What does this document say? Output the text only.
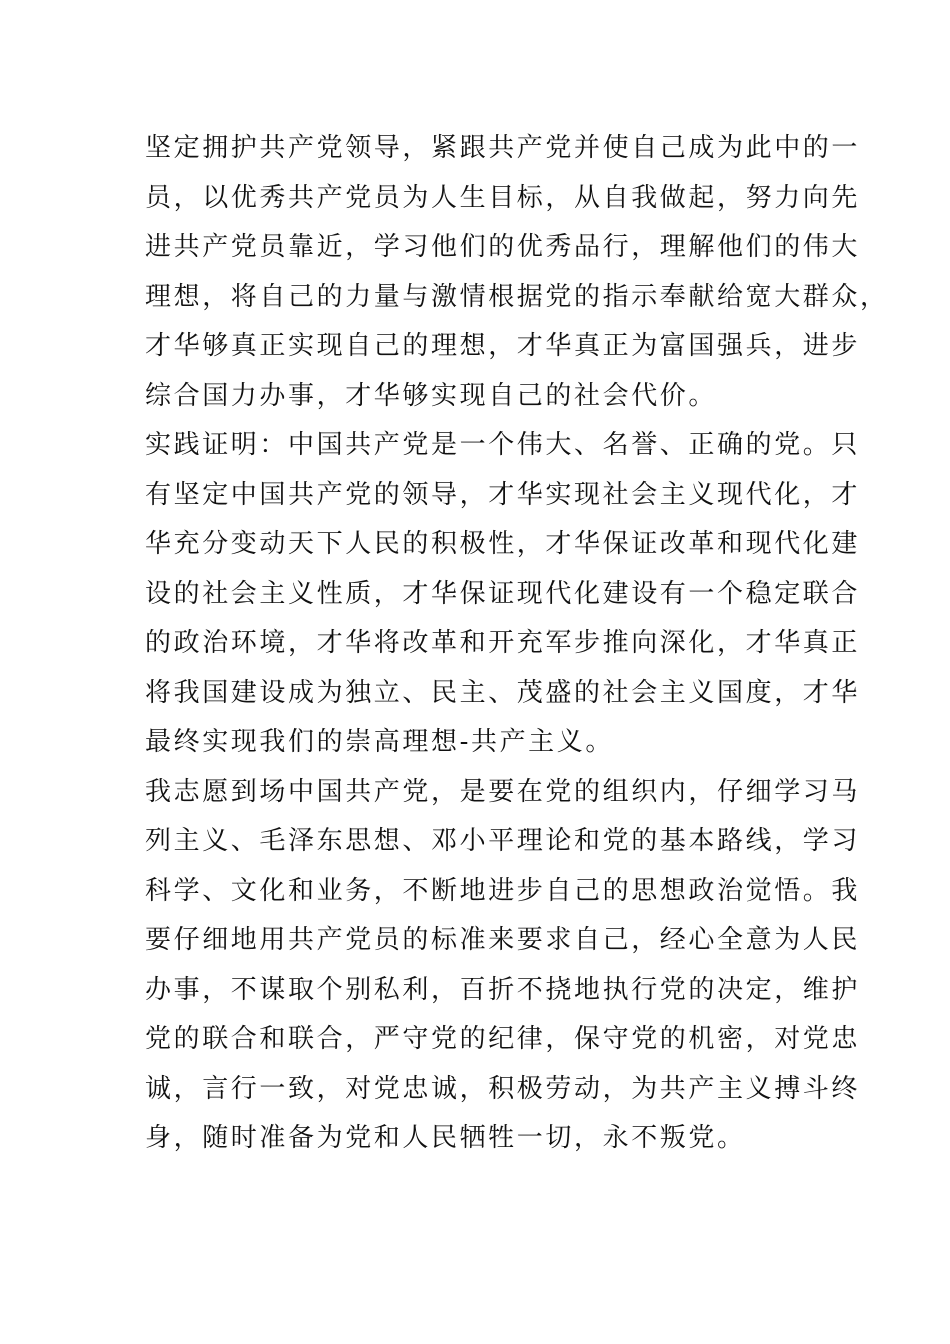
坚定拥护共产党领导，紧跟共产党并使自己成为此中的一
员，以优秀共产党员为人生目标，从自我做起，努力向先
进共产党员靠近，学习他们的优秀品行，理解他们的伟大
理想，将自己的力量与激情根据党的指示奉献给宽大群众，
才华够真正实现自己的理想，才华真正为富国强兵，进步
综合国力办事，才华够实现自己的社会代价。
实践证明：中国共产党是一个伟大、名誉、正确的党。只
有坚定中国共产党的领导，才华实现社会主义现代化，才
华充分变动天下人民的积极性，才华保证改革和现代化建
设的社会主义性质，才华保证现代化建设有一个稳定联合
的政治环境，才华将改革和开充军步推向深化，才华真正
将我国建设成为独立、民主、茂盛的社会主义国度，才华
最终实现我们的崇高理想-共产主义。
我志愿到场中国共产党，是要在党的组织内，仔细学习马
列主义、毛泽东思想、邓小平理论和党的基本路线，学习
科学、文化和业务，不断地进步自己的思想政治觉悟。我
要仔细地用共产党员的标准来要求自己，经心全意为人民
办事，不谋取个别私利，百折不挠地执行党的决定，维护
党的联合和联合，严守党的纪律，保守党的机密，对党忠
诚，言行一致，对党忠诚，积极劳动，为共产主义搏斗终
身，随时准备为党和人民牺牲一切，永不叛党。
